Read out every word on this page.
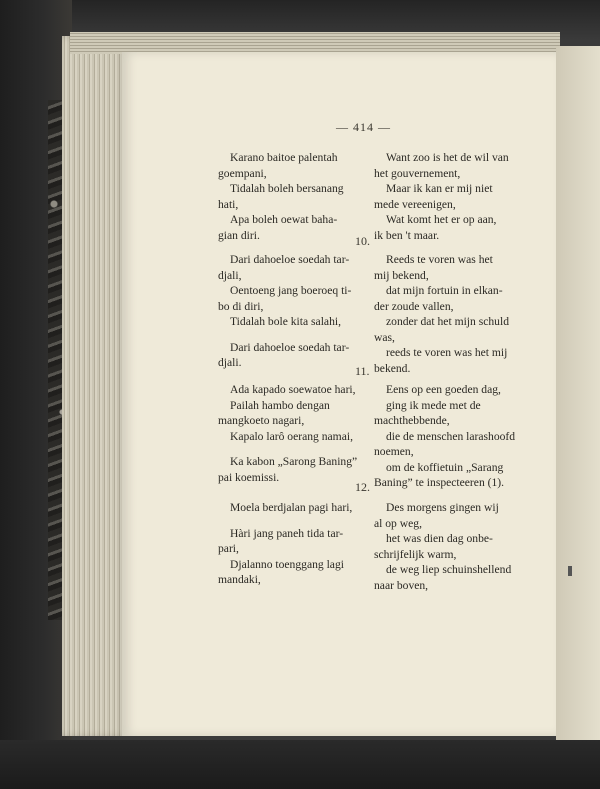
— 414 —
Karano baitoe palentah
goempani,
Tidalah boleh bersanang
hati,
Apa boleh oewat baha-
gian diri.
Want zoo is het de wil van
het gouvernement,
Maar ik kan er mij niet
mede vereenigen,
Wat komt het er op aan,
ik ben 't maar.
10.
Dari dahoeloe soedah tar-
djali,
Oentoeng jang boeroeq ti-
bo di diri,
Tidalah bole kita salahi,
Dari dahoeloe soedah tar-
djali.
Reeds te voren was het
mij bekend,
dat mijn fortuin in elkan-
der zoude vallen,
zonder dat het mijn schuld
was,
reeds te voren was het mij
bekend.
11.
Ada kapado soewatoe hari,
Pailah hambo dengan
mangkoeto nagari,
Kapalo larô oerang namai,
Ka kabon „Sarong Baning”
pai koemissi.
Eens op een goeden dag,
ging ik mede met de
machthebbende,
die de menschen larashoofd
noemen,
om de koffietuin „Sarang
Baning” te inspecteeren (1).
12.
Moela berdjalan pagi hari,
Hàri jang paneh tida tar-
pari,
Djalanno toenggang lagi
mandaki,
Des morgens gingen wij
al op weg,
het was dien dag onbe-
schrijfelijk warm,
de weg liep schuinshellend
naar boven,
